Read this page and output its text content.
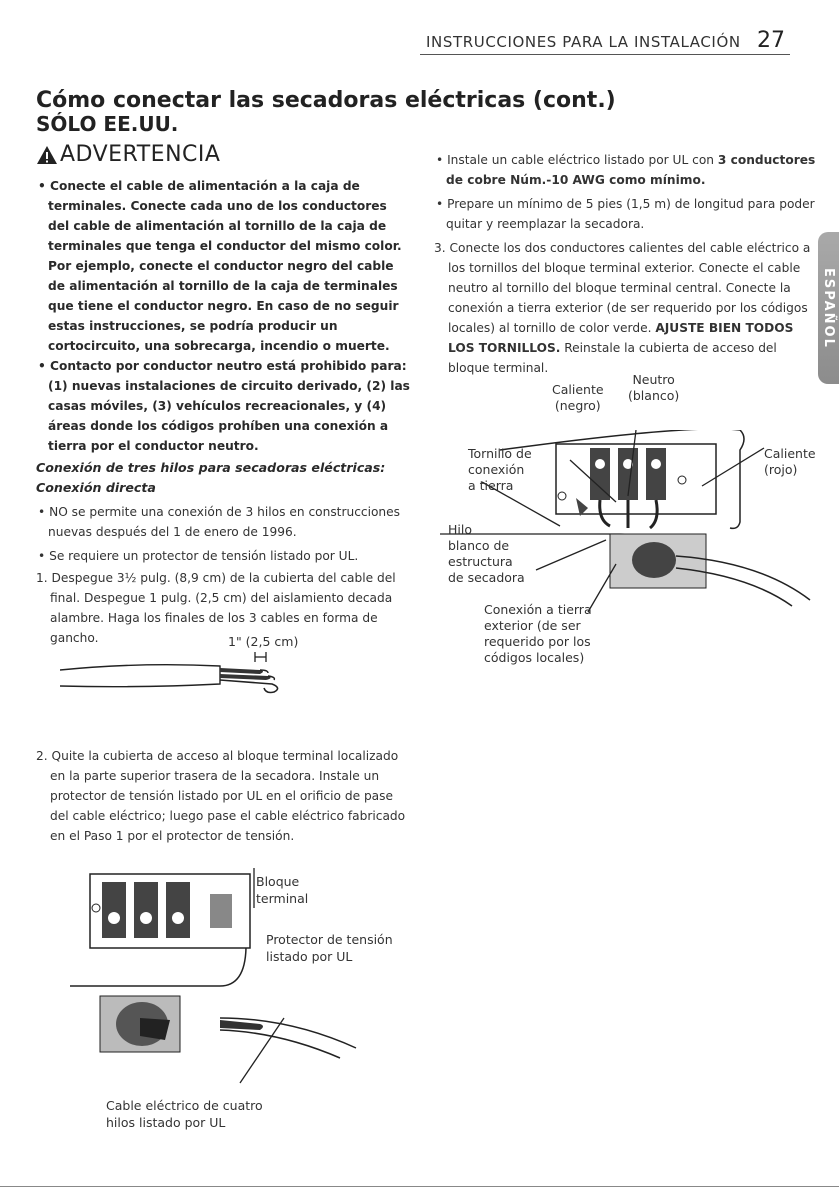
INSTRUCCIONES PARA LA INSTALACIÓN 27
ESPAÑOL
Cómo conectar las secadoras eléctricas (cont.)
SÓLO EE.UU.
ADVERTENCIA

• Conecte el cable de alimentación a la caja de terminales. Conecte cada uno de los conductores del cable de alimentación al tornillo de la caja de terminales que tenga el conductor del mismo color. Por ejemplo, conecte el conductor negro del cable de alimentación al tornillo de la caja de terminales que tiene el conductor negro. En caso de no seguir estas instrucciones, se podría producir un cortocircuito, una sobrecarga, incendio o muerte.

• Contacto por conductor neutro está prohibido para: (1) nuevas instalaciones de circuito derivado, (2) las casas móviles, (3) vehículos recreacionales, y (4) áreas donde los códigos prohíben una conexión a tierra por el conductor neutro.

Conexión de tres hilos para secadoras eléctricas: Conexión directa

• NO se permite una conexión de 3 hilos en construcciones nuevas después del 1 de enero de 1996.

• Se requiere un protector de tensión listado por UL.

1. Despegue 3½ pulg. (8,9 cm) de la cubierta del cable del final. Despegue 1 pulg. (2,5 cm) del aislamiento decada alambre. Haga los finales de los 3 cables en forma de gancho.	1" (2,5 cm)

2. Quite la cubierta de acceso al bloque terminal localizado en la parte superior trasera de la secadora. Instale un protector de tensión listado por UL en el orificio de pase del cable eléctrico; luego pase el cable eléctrico fabricado en el Paso 1 por el protector de tensión.

Bloque
terminal
Protector de tensión
listado por UL
Cable eléctrico de cuatro
hilos listado por UL

• Instale un cable eléctrico listado por UL con 3 conductores de cobre Núm.-10 AWG como mínimo.

• Prepare un mínimo de 5 pies (1,5 m) de longitud para poder quitar y reemplazar la secadora.

3. Conecte los dos conductores calientes del cable eléctrico a los tornillos del bloque terminal exterior. Conecte el cable neutro al tornillo del bloque terminal central. Conecte la conexión a tierra exterior (de ser requerido por los códigos locales) al tornillo de color verde. AJUSTE BIEN TODOS LOS TORNILLOS. Reinstale la cubierta de acceso del bloque terminal.

Caliente
(negro)
Neutro
(blanco)
Tornillo de
conexión
a tierra
Caliente
(rojo)
Hilo
blanco de
estructura
de secadora
Conexión a tierra
exterior (de ser
requerido por los
códigos locales)
